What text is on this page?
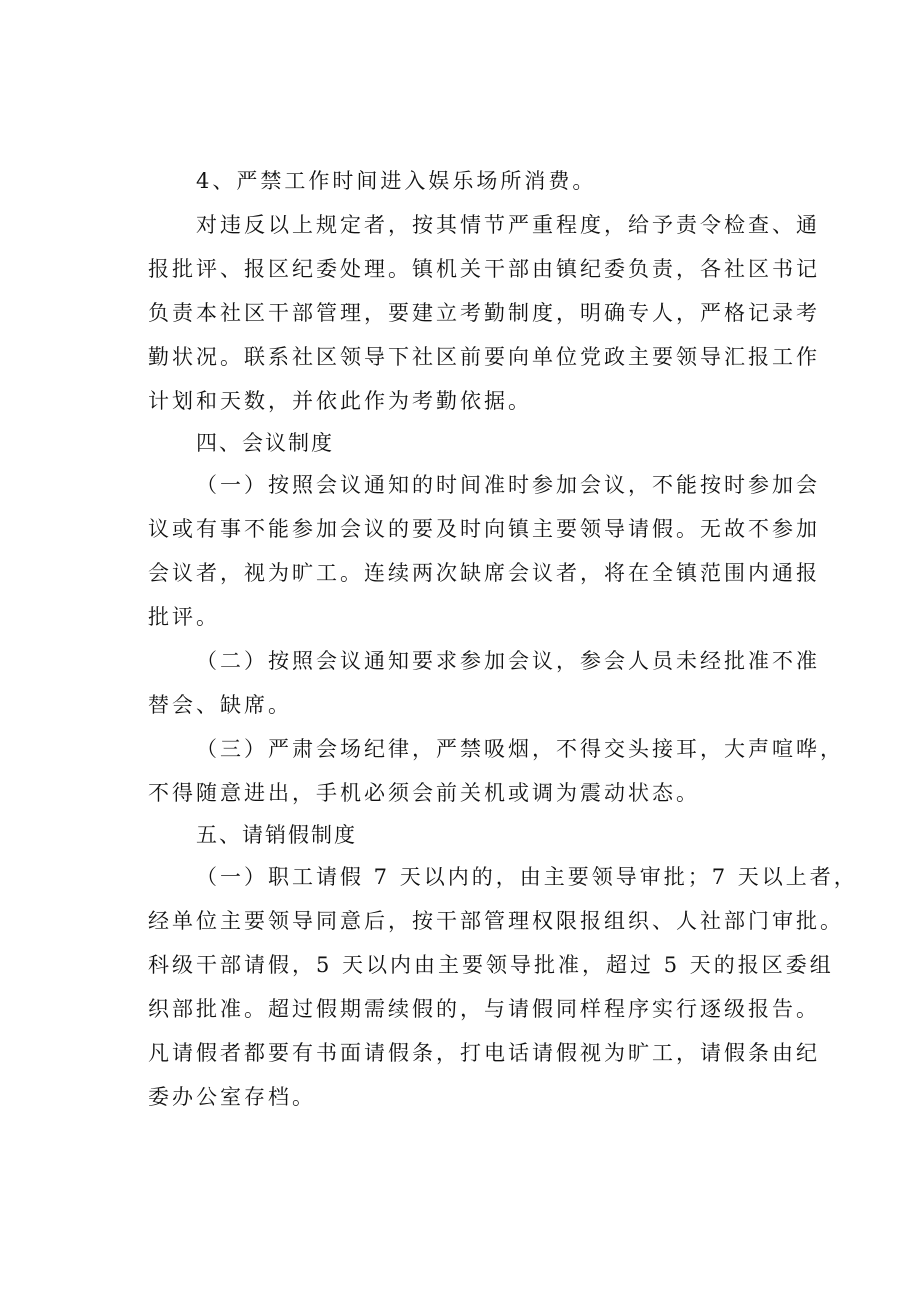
4、严禁工作时间进入娱乐场所消费。
对违反以上规定者，按其情节严重程度，给予责令检查、通
报批评、报区纪委处理。镇机关干部由镇纪委负责，各社区书记
负责本社区干部管理，要建立考勤制度，明确专人，严格记录考
勤状况。联系社区领导下社区前要向单位党政主要领导汇报工作
计划和天数，并依此作为考勤依据。
四、会议制度
（一）按照会议通知的时间准时参加会议，不能按时参加会
议或有事不能参加会议的要及时向镇主要领导请假。无故不参加
会议者，视为旷工。连续两次缺席会议者，将在全镇范围内通报
批评。
（二）按照会议通知要求参加会议，参会人员未经批准不准
替会、缺席。
（三）严肃会场纪律，严禁吸烟，不得交头接耳，大声喧哗，
不得随意进出，手机必须会前关机或调为震动状态。
五、请销假制度
（一）职工请假 7 天以内的，由主要领导审批；7 天以上者，
经单位主要领导同意后，按干部管理权限报组织、人社部门审批。
科级干部请假，5 天以内由主要领导批准，超过 5 天的报区委组
织部批准。超过假期需续假的，与请假同样程序实行逐级报告。
凡请假者都要有书面请假条，打电话请假视为旷工，请假条由纪
委办公室存档。
